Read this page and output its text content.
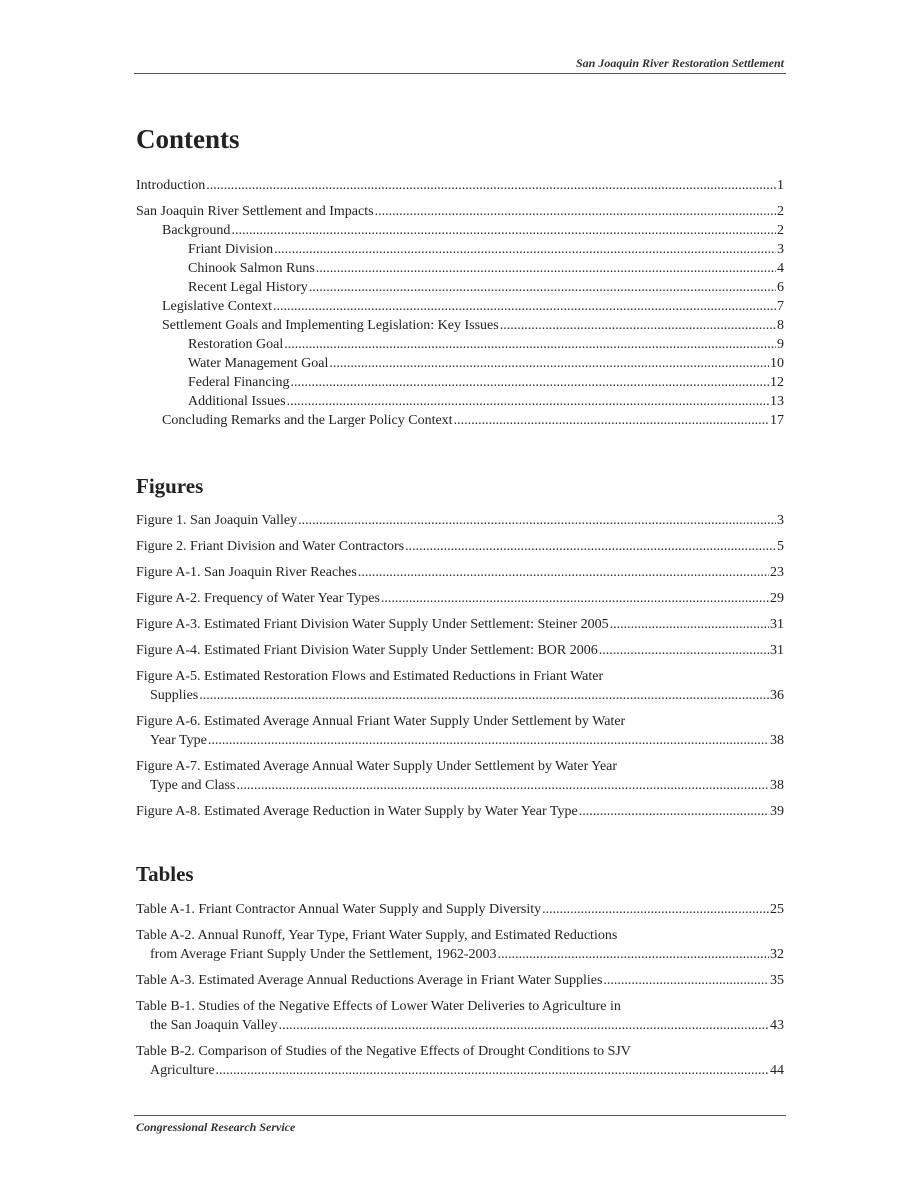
San Joaquin River Restoration Settlement
Contents
Introduction .....	1
San Joaquin River Settlement and Impacts .....	2
Background .....	2
Friant Division .....	3
Chinook Salmon Runs .....	4
Recent Legal History .....	6
Legislative Context .....	7
Settlement Goals and Implementing Legislation: Key Issues .....	8
Restoration Goal .....	9
Water Management Goal .....	10
Federal Financing .....	12
Additional Issues .....	13
Concluding Remarks and the Larger Policy Context .....	17
Figures
Figure 1. San Joaquin Valley .....	3
Figure 2. Friant Division and Water Contractors .....	5
Figure A-1. San Joaquin River Reaches .....	23
Figure A-2. Frequency of Water Year Types .....	29
Figure A-3. Estimated Friant Division Water Supply Under Settlement: Steiner 2005 .....	31
Figure A-4. Estimated Friant Division Water Supply Under Settlement: BOR 2006 .....	31
Figure A-5. Estimated Restoration Flows and Estimated Reductions in Friant Water
Supplies .....	36
Figure A-6. Estimated Average Annual Friant Water Supply Under Settlement by Water
Year Type .....	38
Figure A-7. Estimated Average Annual Water Supply Under Settlement by Water Year
Type and Class .....	38
Figure A-8. Estimated Average Reduction in Water Supply by Water Year Type .....	39
Tables
Table A-1. Friant Contractor Annual Water Supply and Supply Diversity .....	25
Table A-2. Annual Runoff, Year Type, Friant Water Supply, and Estimated Reductions
from Average Friant Supply Under the Settlement, 1962-2003 .....	32
Table A-3. Estimated Average Annual Reductions Average in Friant Water Supplies .....	35
Table B-1. Studies of the Negative Effects of Lower Water Deliveries to Agriculture in
the San Joaquin Valley .....	43
Table B-2. Comparison of Studies of the Negative Effects of Drought Conditions to SJV
Agriculture .....	44
Congressional Research Service
